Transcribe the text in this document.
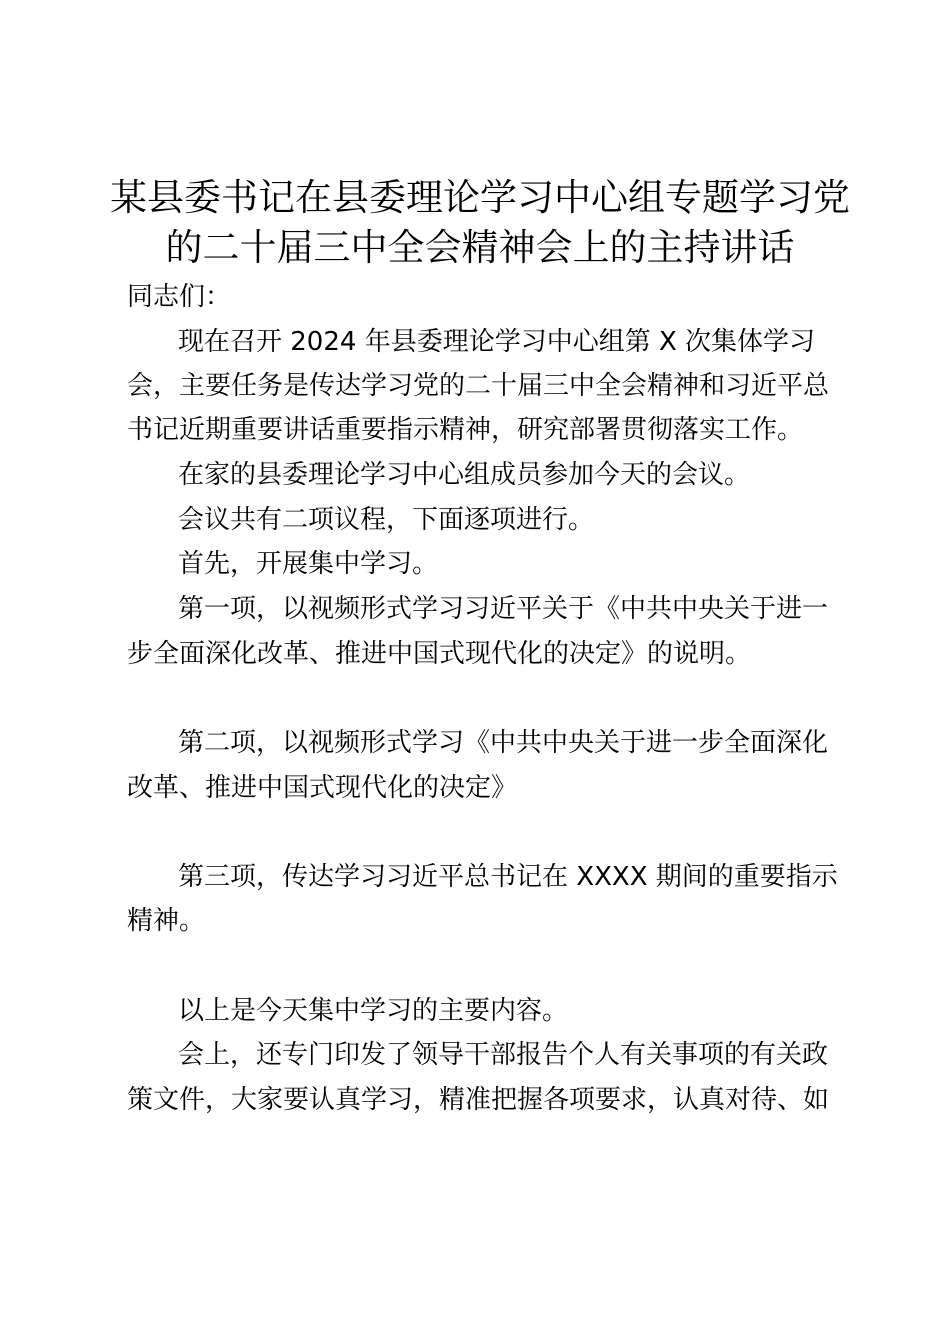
某县委书记在县委理论学习中心组专题学习党
的二十届三中全会精神会上的主持讲话

同志们：

现在召开 2024 年县委理论学习中心组第 X 次集体学习

会，主要任务是传达学习党的二十届三中全会精神和习近平总

书记近期重要讲话重要指示精神，研究部署贯彻落实工作。

在家的县委理论学习中心组成员参加今天的会议。

会议共有二项议程，下面逐项进行。

首先，开展集中学习。

第一项，以视频形式学习习近平关于《中共中央关于进一

步全面深化改革、推进中国式现代化的决定》的说明。

第二项，以视频形式学习《中共中央关于进一步全面深化

改革、推进中国式现代化的决定》

第三项，传达学习习近平总书记在 XXXX 期间的重要指示

精神。

以上是今天集中学习的主要内容。

会上，还专门印发了领导干部报告个人有关事项的有关政

策文件，大家要认真学习，精准把握各项要求，认真对待、如
